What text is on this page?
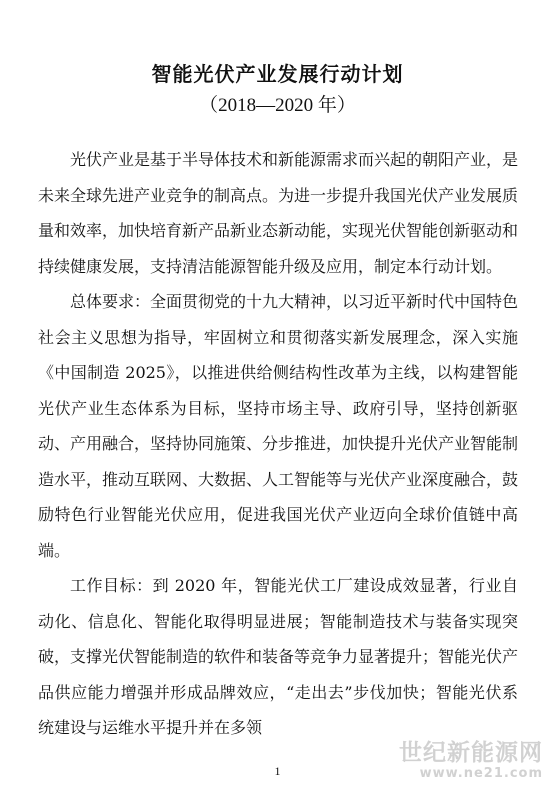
智能光伏产业发展行动计划
（2018—2020 年）

光伏产业是基于半导体技术和新能源需求而兴起的朝阳产业，是未来全球先进产业竞争的制高点。为进一步提升我国光伏产业发展质量和效率，加快培育新产品新业态新动能，实现光伏智能创新驱动和持续健康发展，支持清洁能源智能升级及应用，制定本行动计划。

总体要求：全面贯彻党的十九大精神，以习近平新时代中国特色社会主义思想为指导，牢固树立和贯彻落实新发展理念，深入实施《中国制造 2025》，以推进供给侧结构性改革为主线，以构建智能光伏产业生态体系为目标，坚持市场主导、政府引导，坚持创新驱动、产用融合，坚持协同施策、分步推进，加快提升光伏产业智能制造水平，推动互联网、大数据、人工智能等与光伏产业深度融合，鼓励特色行业智能光伏应用，促进我国光伏产业迈向全球价值链中高端。

工作目标：到 2020 年，智能光伏工厂建设成效显著，行业自动化、信息化、智能化取得明显进展；智能制造技术与装备实现突破，支撑光伏智能制造的软件和装备等竞争力显著提升；智能光伏产品供应能力增强并形成品牌效应，“走出去”步伐加快；智能光伏系统建设与运维水平提升并在多领

1
世纪新能源网
www.ne21.com
